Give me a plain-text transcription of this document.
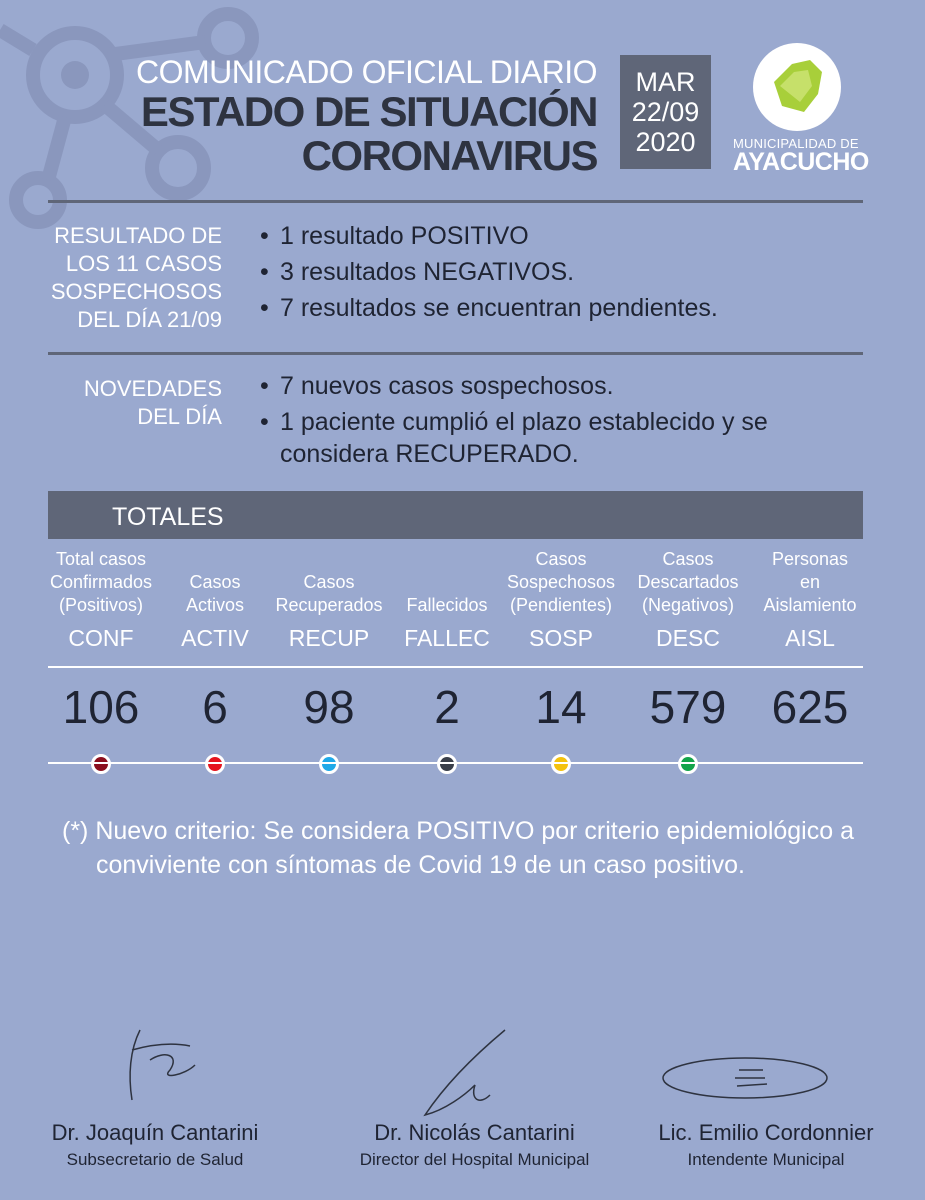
COMUNICADO OFICIAL DIARIO
ESTADO DE SITUACIÓN
CORONAVIRUS
MAR
22/09
2020	MUNICIPALIDAD DE
AYACUCHO
RESULTADO DE
LOS 11 CASOS
SOSPECHOSOS
DEL DÍA 21/09
• 1 resultado POSITIVO
• 3 resultados NEGATIVOS.
• 7 resultados se encuentran pendientes.
NOVEDADES
DEL DÍA
• 7 nuevos casos sospechosos.
• 1 paciente cumplió el plazo establecido y se considera RECUPERADO.
TOTALES
Total casos
Confirmados
(Positivos)
CONF
106
Casos
Activos
ACTIV
6
Casos
Recuperados
RECUP
98
Fallecidos
FALLEC
2
Casos
Sospechosos
(Pendientes)
SOSP
14
Casos
Descartados
(Negativos)
DESC
579
Personas
en
Aislamiento
AISL
625
(*) Nuevo criterio: Se considera POSITIVO por criterio epidemiológico a
conviviente con síntomas de Covid 19 de un caso positivo.
Dr. Joaquín Cantarini
Subsecretario de Salud
Dr. Nicolás Cantarini
Director del Hospital Municipal
Lic. Emilio Cordonnier
Intendente Municipal
